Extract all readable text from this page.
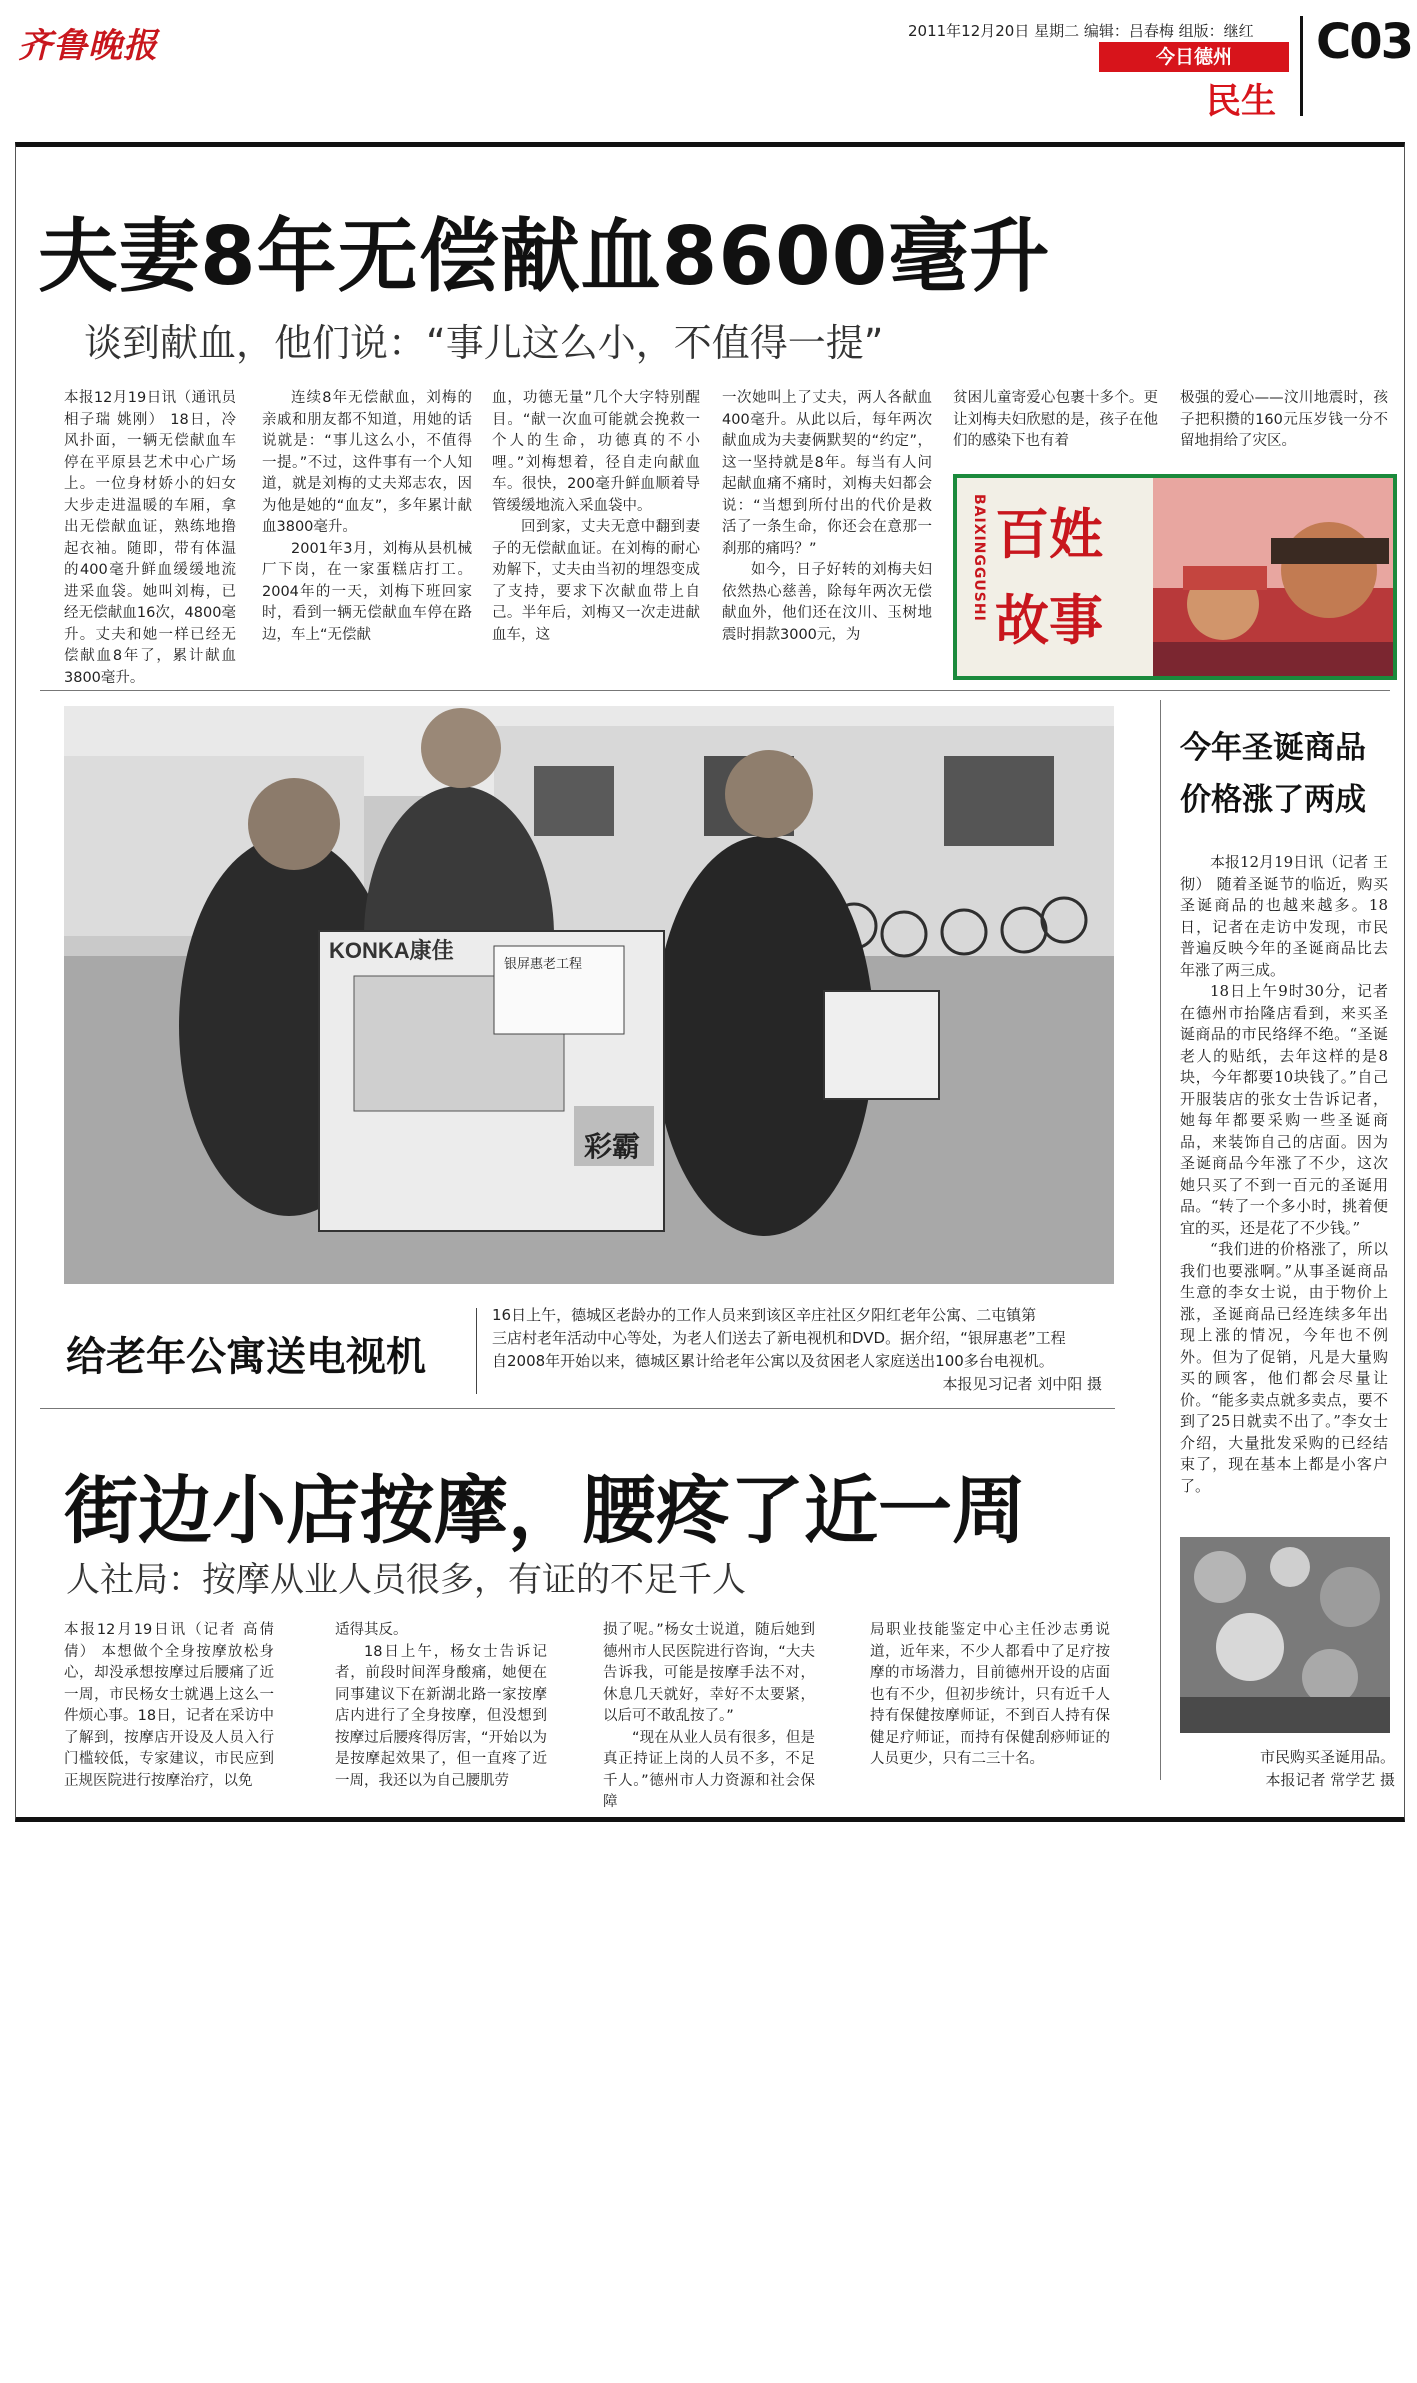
齐鲁晚报	2011年12月20日 星期二 编辑：吕春梅 组版：继红
今日德州
民生
C03
夫妻8年无偿献血8600毫升
谈到献血，他们说：“事儿这么小，不值得一提”

本报12月19日讯（通讯员 相子瑞 姚刚） 18日，冷风扑面，一辆无偿献血车停在平原县艺术中心广场上。一位身材娇小的妇女大步走进温暖的车厢，拿出无偿献血证，熟练地撸起衣袖。随即，带有体温的400毫升鲜血缓缓地流进采血袋。她叫刘梅，已经无偿献血16次，4800毫升。丈夫和她一样已经无偿献血8年了，累计献血3800毫升。

连续8年无偿献血，刘梅的亲戚和朋友都不知道，用她的话说就是：“事儿这么小，不值得一提。”不过，这件事有一个人知道，就是刘梅的丈夫郑志农，因为他是她的“血友”，多年累计献血3800毫升。

2001年3月，刘梅从县机械厂下岗，在一家蛋糕店打工。2004年的一天，刘梅下班回家时，看到一辆无偿献血车停在路边，车上“无偿献

血，功德无量”几个大字特别醒目。“献一次血可能就会挽救一个人的生命，功德真的不小哩。”刘梅想着，径自走向献血车。很快，200毫升鲜血顺着导管缓缓地流入采血袋中。

回到家，丈夫无意中翻到妻子的无偿献血证。在刘梅的耐心劝解下，丈夫由当初的埋怨变成了支持，要求下次献血带上自己。半年后，刘梅又一次走进献血车，这

一次她叫上了丈夫，两人各献血400毫升。从此以后，每年两次献血成为夫妻俩默契的“约定”，这一坚持就是8年。每当有人问起献血痛不痛时，刘梅夫妇都会说：“当想到所付出的代价是救活了一条生命，你还会在意那一刹那的痛吗？”

如今，日子好转的刘梅夫妇依然热心慈善，除每年两次无偿献血外，他们还在汶川、玉树地震时捐款3000元，为

贫困儿童寄爱心包裹十多个。更让刘梅夫妇欣慰的是，孩子在他们的感染下也有着

极强的爱心——汶川地震时，孩子把积攒的160元压岁钱一分不留地捐给了灾区。

BAIXINGGUSHI 百姓
故事
KONKA康佳
彩霸
银屏惠老工程
给老年公寓送电视机
16日上午，德城区老龄办的工作人员来到该区辛庄社区夕阳红老年公寓、二屯镇第
三店村老年活动中心等处，为老人们送去了新电视机和DVD。据介绍，“银屏惠老”工程
自2008年开始以来，德城区累计给老年公寓以及贫困老人家庭送出100多台电视机。
本报见习记者 刘中阳 摄
街边小店按摩，腰疼了近一周
人社局：按摩从业人员很多，有证的不足千人

本报12月19日讯（记者 高倩倩） 本想做个全身按摩放松身心，却没承想按摩过后腰痛了近一周，市民杨女士就遇上这么一件烦心事。18日，记者在采访中了解到，按摩店开设及人员入行门槛较低，专家建议，市民应到正规医院进行按摩治疗，以免

适得其反。

18日上午，杨女士告诉记者，前段时间浑身酸痛，她便在同事建议下在新湖北路一家按摩店内进行了全身按摩，但没想到按摩过后腰疼得厉害，“开始以为是按摩起效果了，但一直疼了近一周，我还以为自己腰肌劳

损了呢。”杨女士说道，随后她到德州市人民医院进行咨询，“大夫告诉我，可能是按摩手法不对，休息几天就好，幸好不太要紧，以后可不敢乱按了。”

“现在从业人员有很多，但是真正持证上岗的人员不多，不足千人。”德州市人力资源和社会保障

局职业技能鉴定中心主任沙志勇说道，近年来，不少人都看中了足疗按摩的市场潜力，目前德州开设的店面也有不少，但初步统计，只有近千人持有保健按摩师证，不到百人持有保健足疗师证，而持有保健刮痧师证的人员更少，只有二三十名。

今年圣诞商品
价格涨了两成

本报12月19日讯（记者 王彻） 随着圣诞节的临近，购买圣诞商品的也越来越多。18日，记者在走访中发现，市民普遍反映今年的圣诞商品比去年涨了两三成。

18日上午9时30分，记者在德州市抬隆店看到，来买圣诞商品的市民络绎不绝。“圣诞老人的贴纸，去年这样的是8块，今年都要10块钱了。”自己开服装店的张女士告诉记者，她每年都要采购一些圣诞商品，来装饰自己的店面。因为圣诞商品今年涨了不少，这次她只买了不到一百元的圣诞用品。“转了一个多小时，挑着便宜的买，还是花了不少钱。”

“我们进的价格涨了，所以我们也要涨啊。”从事圣诞商品生意的李女士说，由于物价上涨，圣诞商品已经连续多年出现上涨的情况，今年也不例外。但为了促销，凡是大量购买的顾客，他们都会尽量让价。“能多卖点就多卖点，要不到了25日就卖不出了。”李女士介绍，大量批发采购的已经结束了，现在基本上都是小客户了。

市民购买圣诞用品。
本报记者 常学艺 摄
